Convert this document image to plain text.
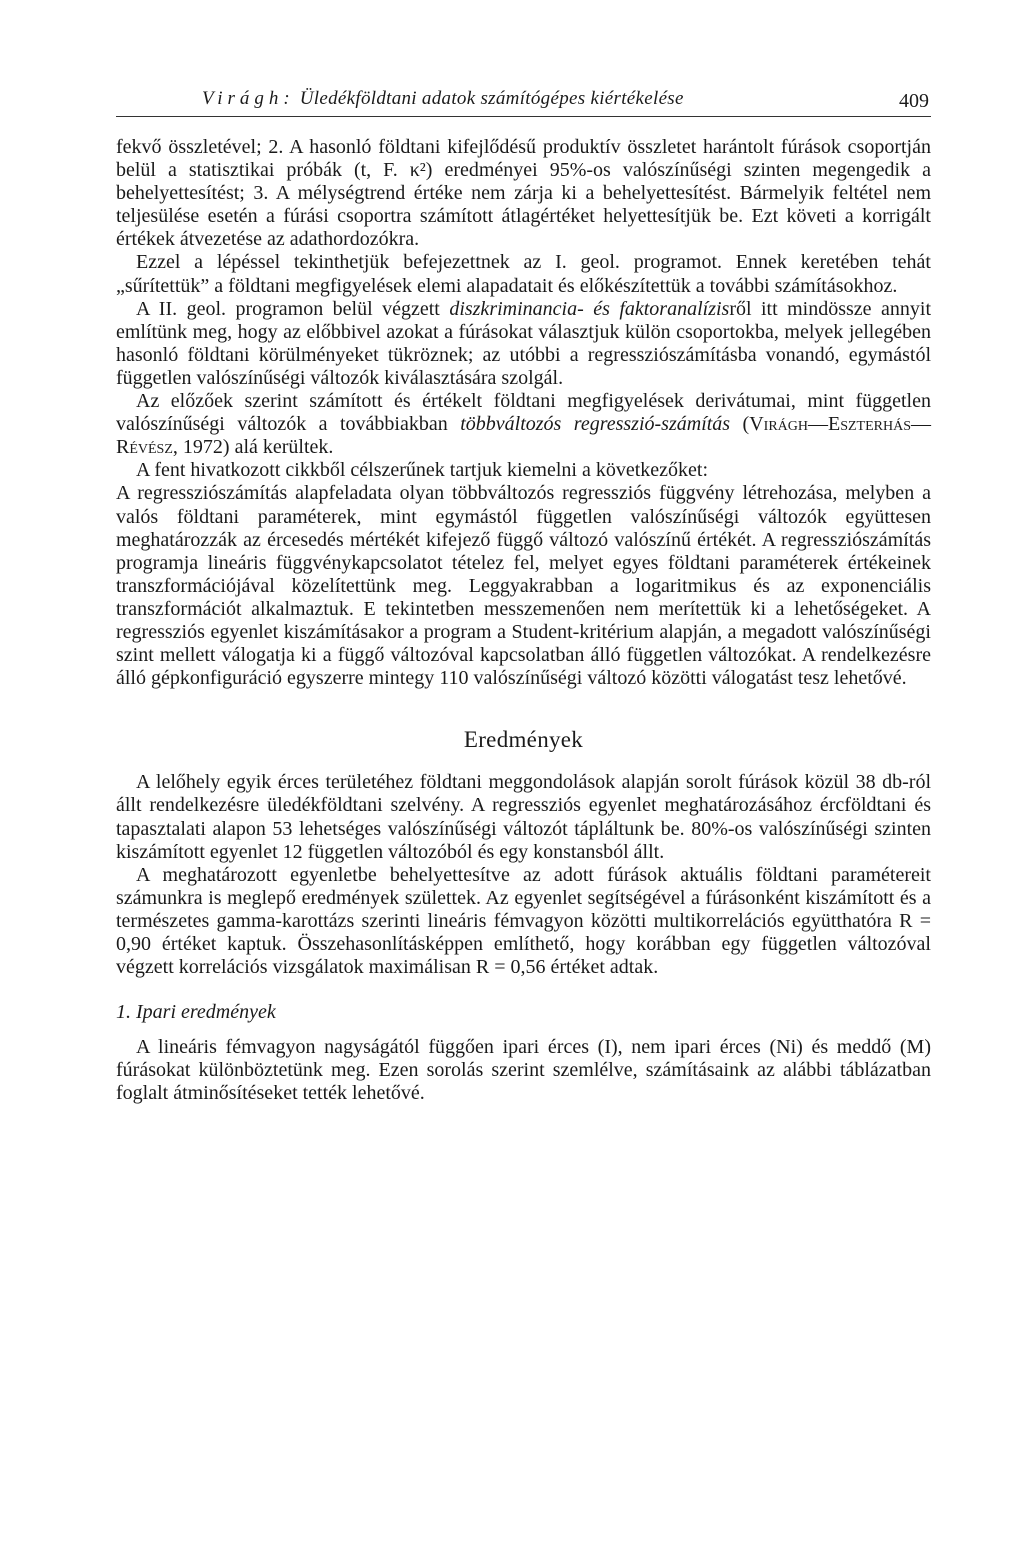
Virágh: Üledékföldtani adatok számítógépes kiértékelése	409

fekvő összletével; 2. A hasonló földtani kifejlődésű produktív összletet harántolt fúrások csoportján belül a statisztikai próbák (t, F. κ²) eredményei 95%-os valószínűségi szinten megengedik a behelyettesítést; 3. A mélységtrend értéke nem zárja ki a behelyettesítést. Bármelyik feltétel nem teljesülése esetén a fúrási csoportra számított átlagértéket helyettesítjük be. Ezt követi a korrigált értékek átvezetése az adathordozókra.

Ezzel a lépéssel tekinthetjük befejezettnek az I. geol. programot. Ennek keretében tehát „sűrítettük” a földtani megfigyelések elemi alapadatait és előkészítettük a további számításokhoz.

A II. geol. programon belül végzett diszkriminancia- és faktoranalízisről itt mindössze annyit említünk meg, hogy az előbbivel azokat a fúrásokat választjuk külön csoportokba, melyek jellegében hasonló földtani körülményeket tükröznek; az utóbbi a regressziószámításba vonandó, egymástól független valószínűségi változók kiválasztására szolgál.

Az előzőek szerint számított és értékelt földtani megfigyelések derivátumai, mint független valószínűségi változók a továbbiakban többváltozós regresszió-számítás (Virágh—Eszterhás—Révész, 1972) alá kerültek.

A fent hivatkozott cikkből célszerűnek tartjuk kiemelni a következőket:

A regressziószámítás alapfeladata olyan többváltozós regressziós függvény létrehozása, melyben a valós földtani paraméterek, mint egymástól független valószínűségi változók együttesen meghatározzák az ércesedés mértékét kifejező függő változó valószínű értékét. A regressziószámítás programja lineáris függvénykapcsolatot tételez fel, melyet egyes földtani paraméterek értékeinek transzformációjával közelítettünk meg. Leggyakrabban a logaritmikus és az exponenciális transzformációt alkalmaztuk. E tekintetben messzemenően nem merítettük ki a lehetőségeket. A regressziós egyenlet kiszámításakor a program a Student-kritérium alapján, a megadott valószínűségi szint mellett válogatja ki a függő változóval kapcsolatban álló független változókat. A rendelkezésre álló gépkonfiguráció egyszerre mintegy 110 valószínűségi változó közötti válogatást tesz lehetővé.

Eredmények

A lelőhely egyik érces területéhez földtani meggondolások alapján sorolt fúrások közül 38 db-ról állt rendelkezésre üledékföldtani szelvény. A regressziós egyenlet meghatározásához ércföldtani és tapasztalati alapon 53 lehetséges valószínűségi változót tápláltunk be. 80%-os valószínűségi szinten kiszámított egyenlet 12 független változóból és egy konstansból állt.

A meghatározott egyenletbe behelyettesítve az adott fúrások aktuális földtani paramétereit számunkra is meglepő eredmények születtek. Az egyenlet segítségével a fúrásonként kiszámított és a természetes gamma-karottázs szerinti lineáris fémvagyon közötti multikorrelációs együtthatóra R = 0,90 értéket kaptuk. Összehasonlításképpen említhető, hogy korábban egy független változóval végzett korrelációs vizsgálatok maximálisan R = 0,56 értéket adtak.

1. Ipari eredmények

A lineáris fémvagyon nagyságától függően ipari érces (I), nem ipari érces (Ni) és meddő (M) fúrásokat különböztetünk meg. Ezen sorolás szerint szemlélve, számításaink az alábbi táblázatban foglalt átminősítéseket tették lehetővé.
